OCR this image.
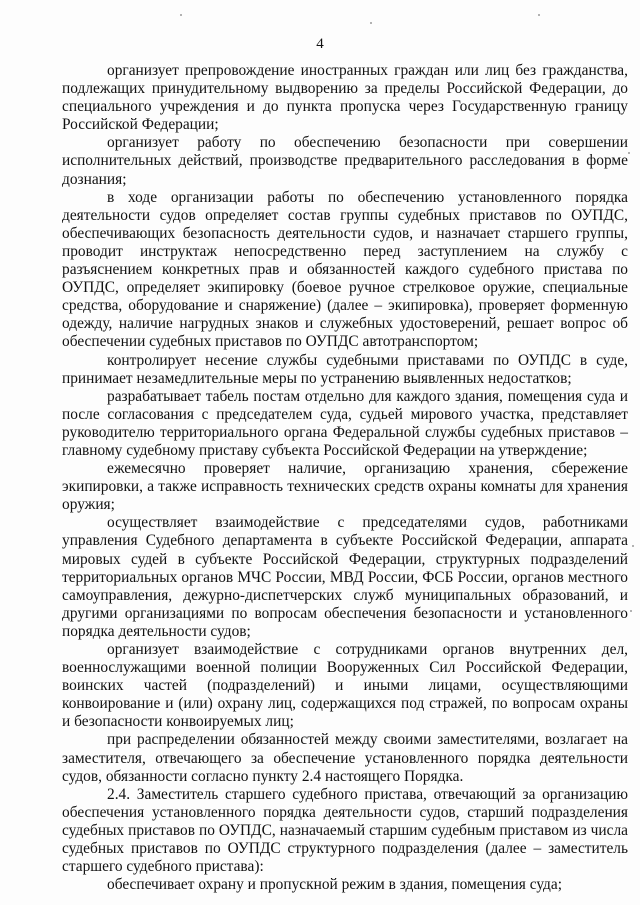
4

организует препровождение иностранных граждан или лиц без гражданства, подлежащих принудительному выдворению за пределы Российской Федерации, до специального учреждения и до пункта пропуска через Государственную границу Российской Федерации;

организует работу по обеспечению безопасности при совершении исполнительных действий, производстве предварительного расследования в форме дознания;

в ходе организации работы по обеспечению установленного порядка деятельности судов определяет состав группы судебных приставов по ОУПДС, обеспечивающих безопасность деятельности судов, и назначает старшего группы, проводит инструктаж непосредственно перед заступлением на службу с разъяснением конкретных прав и обязанностей каждого судебного пристава по ОУПДС, определяет экипировку (боевое ручное стрелковое оружие, специальные средства, оборудование и снаряжение) (далее – экипировка), проверяет форменную одежду, наличие нагрудных знаков и служебных удостоверений, решает вопрос об обеспечении судебных приставов по ОУПДС автотранспортом;

контролирует несение службы судебными приставами по ОУПДС в суде, принимает незамедлительные меры по устранению выявленных недостатков;

разрабатывает табель постам отдельно для каждого здания, помещения суда и после согласования с председателем суда, судьей мирового участка, представляет руководителю территориального органа Федеральной службы судебных приставов – главному судебному приставу субъекта Российской Федерации на утверждение;

ежемесячно проверяет наличие, организацию хранения, сбережение экипировки, а также исправность технических средств охраны комнаты для хранения оружия;

осуществляет взаимодействие с председателями судов, работниками управления Судебного департамента в субъекте Российской Федерации, аппарата мировых судей в субъекте Российской Федерации, структурных подразделений территориальных органов МЧС России, МВД России, ФСБ России, органов местного самоуправления, дежурно-диспетчерских служб муниципальных образований, и другими организациями по вопросам обеспечения безопасности и установленного порядка деятельности судов;

организует взаимодействие с сотрудниками органов внутренних дел, военнослужащими военной полиции Вооруженных Сил Российской Федерации, воинских частей (подразделений) и иными лицами, осуществляющими конвоирование и (или) охрану лиц, содержащихся под стражей, по вопросам охраны и безопасности конвоируемых лиц;

при распределении обязанностей между своими заместителями, возлагает на заместителя, отвечающего за обеспечение установленного порядка деятельности судов, обязанности согласно пункту 2.4 настоящего Порядка.

2.4. Заместитель старшего судебного пристава, отвечающий за организацию обеспечения установленного порядка деятельности судов, старший подразделения судебных приставов по ОУПДС, назначаемый старшим судебным приставом из числа судебных приставов по ОУПДС структурного подразделения (далее – заместитель старшего судебного пристава):

обеспечивает охрану и пропускной режим в здания, помещения суда;
